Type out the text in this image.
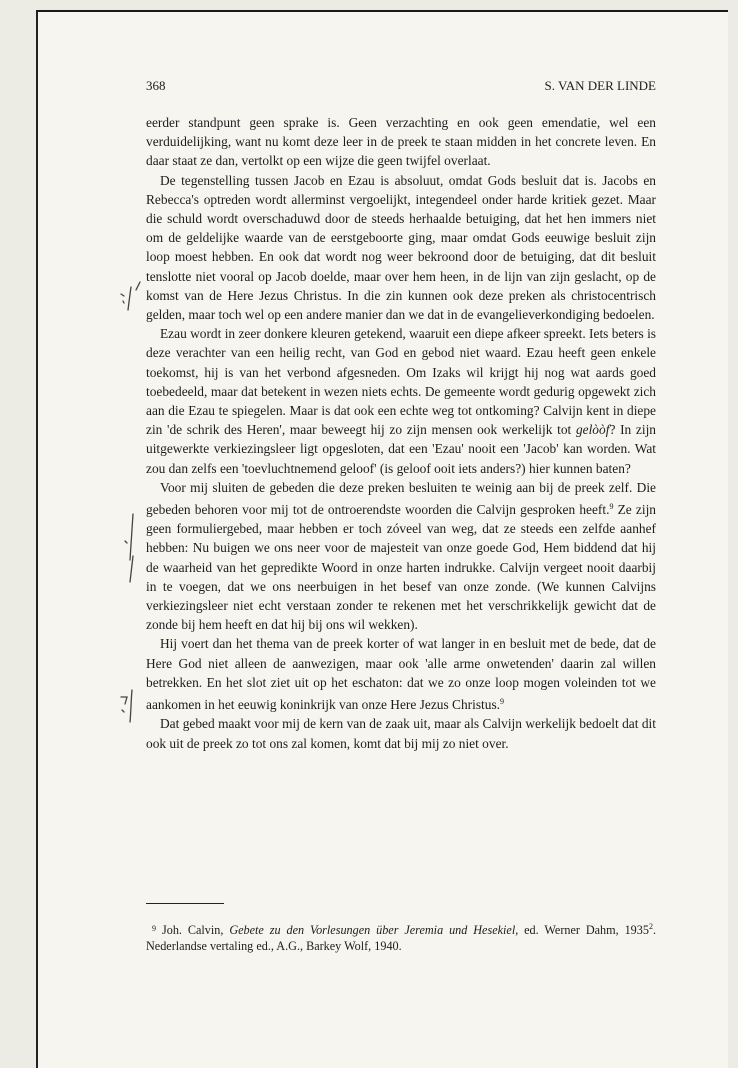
368	S. VAN DER LINDE

eerder standpunt geen sprake is. Geen verzachting en ook geen emendatie, wel een verduidelijking, want nu komt deze leer in de preek te staan midden in het concrete leven. En daar staat ze dan, vertolkt op een wijze die geen twijfel overlaat.

De tegenstelling tussen Jacob en Ezau is absoluut, omdat Gods besluit dat is. Jacobs en Rebecca's optreden wordt allerminst vergoelijkt, integendeel onder harde kritiek gezet. Maar die schuld wordt overschaduwd door de steeds herhaalde betuiging, dat het hen immers niet om de geldelijke waarde van de eerstgeboorte ging, maar omdat Gods eeuwige besluit zijn loop moest hebben. En ook dat wordt nog weer bekroond door de betuiging, dat dit besluit tenslotte niet vooral op Jacob doelde, maar over hem heen, in de lijn van zijn geslacht, op de komst van de Here Jezus Christus. In die zin kunnen ook deze preken als christocentrisch gelden, maar toch wel op een andere manier dan we dat in de evangelieverkondiging bedoelen.

Ezau wordt in zeer donkere kleuren getekend, waaruit een diepe afkeer spreekt. Iets beters is deze verachter van een heilig recht, van God en gebod niet waard. Ezau heeft geen enkele toekomst, hij is van het verbond afgesneden. Om Izaks wil krijgt hij nog wat aards goed toebedeeld, maar dat betekent in wezen niets echts. De gemeente wordt gedurig opgewekt zich aan die Ezau te spiegelen. Maar is dat ook een echte weg tot ontkoming? Calvijn kent in diepe zin 'de schrik des Heren', maar beweegt hij zo zijn mensen ook werkelijk tot gelòòf? In zijn uitgewerkte verkiezingsleer ligt opgesloten, dat een 'Ezau' nooit een 'Jacob' kan worden. Wat zou dan zelfs een 'toevluchtnemend geloof' (is geloof ooit iets anders?) hier kunnen baten?

Voor mij sluiten de gebeden die deze preken besluiten te weinig aan bij de preek zelf. Die gebeden behoren voor mij tot de ontroerendste woorden die Calvijn gesproken heeft.$^9$ Ze zijn geen formuliergebed, maar hebben er toch zóveel van weg, dat ze steeds een zelfde aanhef hebben: Nu buigen we ons neer voor de majesteit van onze goede God, Hem biddend dat hij de waarheid van het gepredikte Woord in onze harten indrukke. Calvijn vergeet nooit daarbij in te voegen, dat we ons neerbuigen in het besef van onze zonde. (We kunnen Calvijns verkiezingsleer niet echt verstaan zonder te rekenen met het verschrikkelijk gewicht dat de zonde bij hem heeft en dat hij bij ons wil wekken).

Hij voert dan het thema van de preek korter of wat langer in en besluit met de bede, dat de Here God niet alleen de aanwezigen, maar ook 'alle arme onwetenden' daarin zal willen betrekken. En het slot ziet uit op het eschaton: dat we zo onze loop mogen voleinden tot we aankomen in het eeuwig koninkrijk van onze Here Jezus Christus.$^9$

Dat gebed maakt voor mij de kern van de zaak uit, maar als Calvijn werkelijk bedoelt dat dit ook uit de preek zo tot ons zal komen, komt dat bij mij zo niet over.

$^9$ Joh. Calvin, Gebete zu den Vorlesungen über Jeremia und Hesekiel, ed. Werner Dahm, 1935$^2$. Nederlandse vertaling ed., A.G., Barkey Wolf, 1940.
